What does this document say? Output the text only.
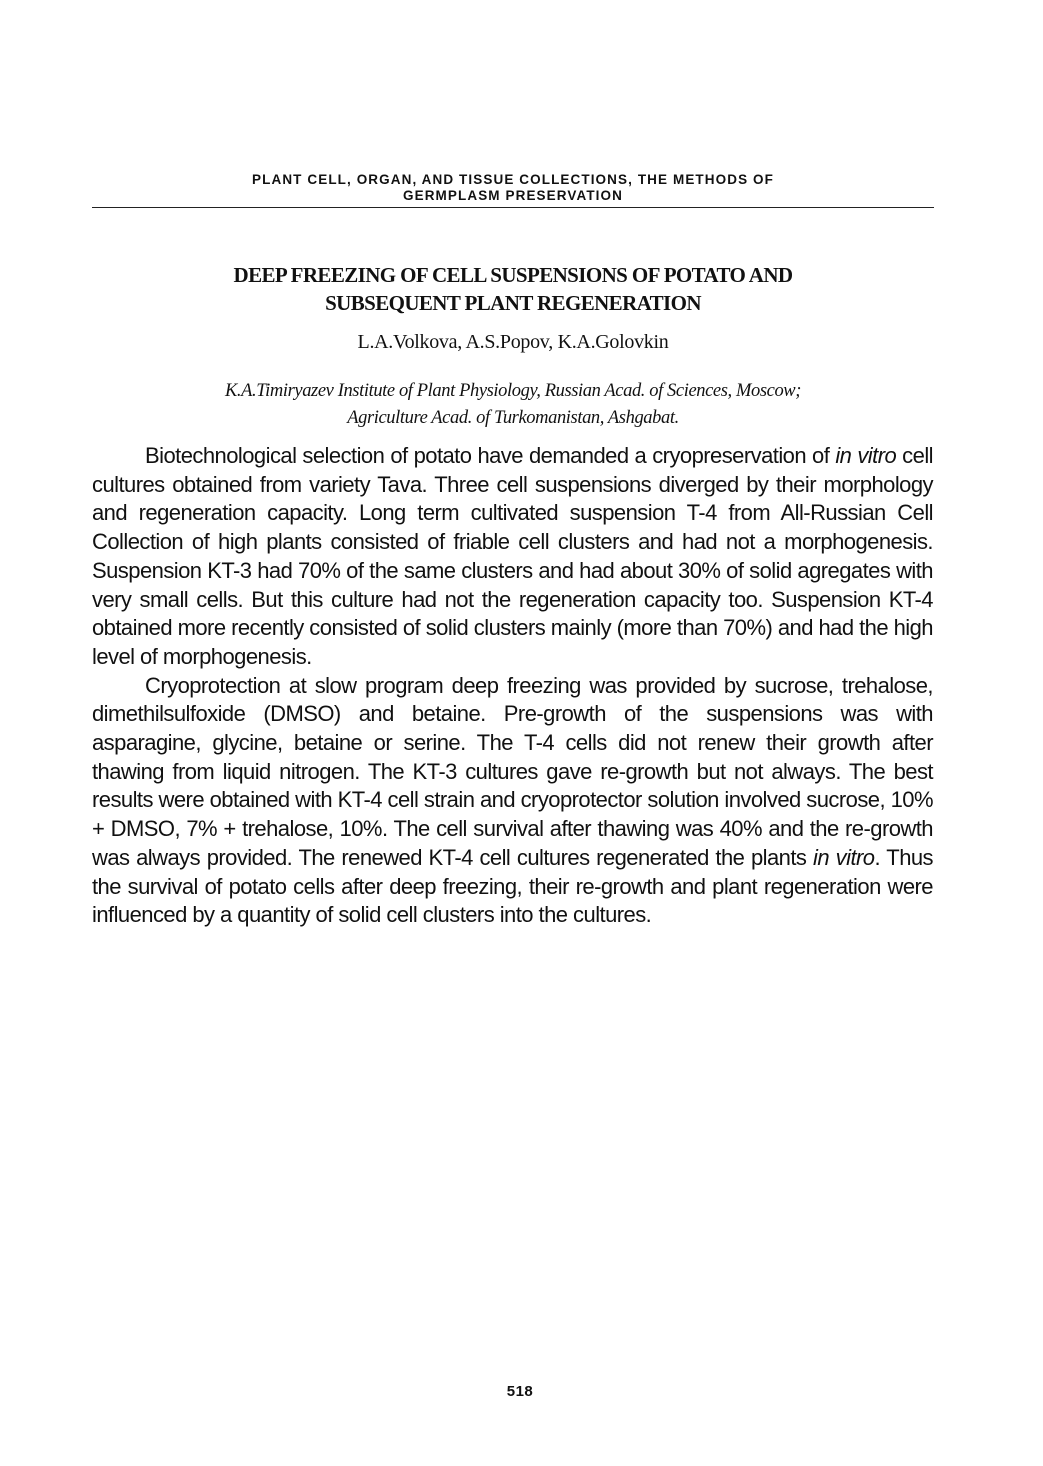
PLANT CELL, ORGAN, AND TISSUE COLLECTIONS, THE METHODS OF
GERMPLASM PRESERVATION
DEEP FREEZING OF CELL SUSPENSIONS OF POTATO AND
SUBSEQUENT PLANT REGENERATION
L.A.Volkova, A.S.Popov, K.A.Golovkin
K.A.Timiryazev Institute of Plant Physiology, Russian Acad. of Sciences, Moscow;
Agriculture Acad. of Turkomanistan, Ashgabat.

Biotechnological selection of potato have demanded a cryopreservation of in vitro cell cultures obtained from variety Tava. Three cell suspensions diverged by their morphology and regeneration capacity. Long term cultivated suspension T-4 from All-Russian Cell Collection of high plants consisted of friable cell clusters and had not a morphogenesis. Suspension KT-3 had 70% of the same clusters and had about 30% of solid agregates with very small cells. But this culture had not the regeneration capacity too. Suspension KT-4 obtained more recently consisted of solid clusters mainly (more than 70%) and had the high level of morphogenesis.

Cryoprotection at slow program deep freezing was provided by sucrose, trehalose, dimethilsulfoxide (DMSO) and betaine. Pre-growth of the suspensions was with asparagine, glycine, betaine or serine. The T-4 cells did not renew their growth after thawing from liquid nitrogen. The KT-3 cultures gave re-growth but not always. The best results were obtained with KT-4 cell strain and cryoprotector solution involved sucrose, 10% + DMSO, 7% + trehalose, 10%. The cell survival after thawing was 40% and the re-growth was always provided. The renewed KT-4 cell cultures regenerated the plants in vitro. Thus the survival of potato cells after deep freezing, their re-growth and plant regeneration were influenced by a quantity of solid cell clusters into the cultures.

518
